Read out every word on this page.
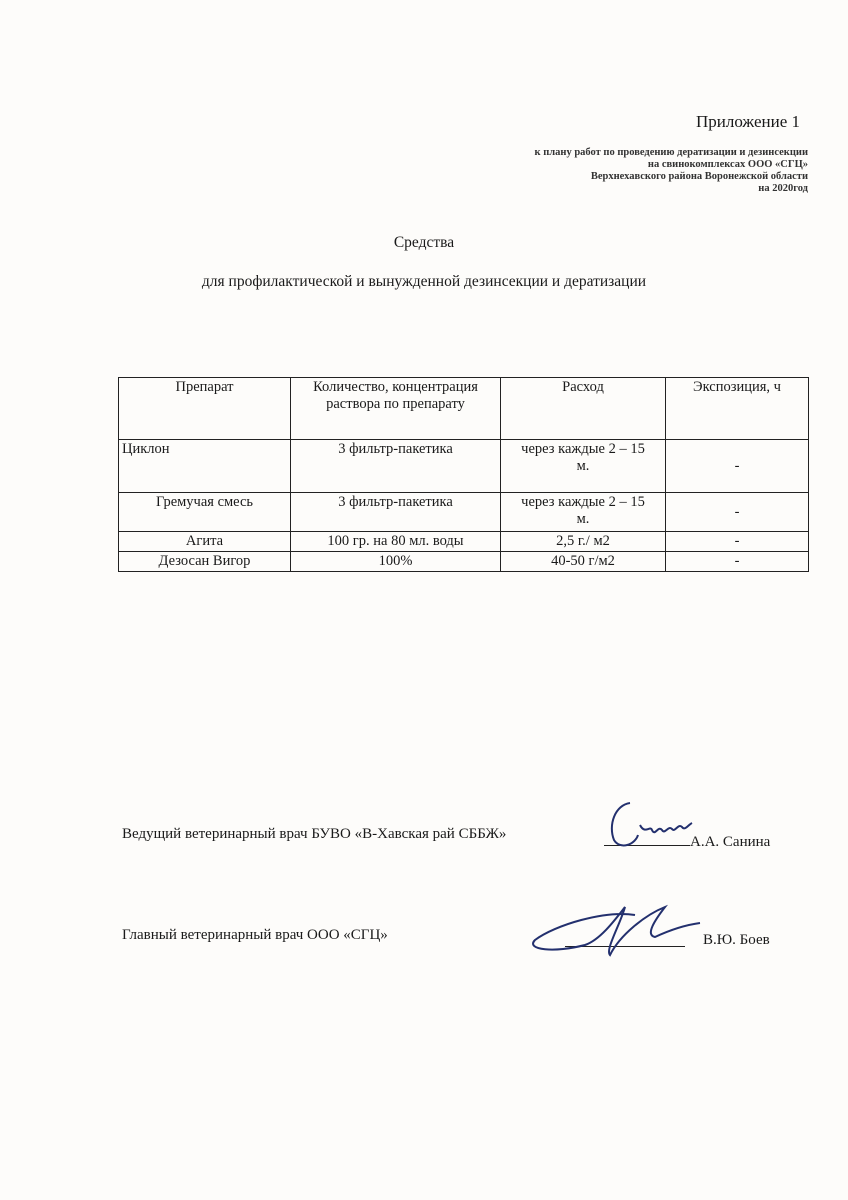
Приложение 1
к плану работ по проведению дератизации и дезинсекции
на свинокомплексах ООО «СГЦ»
Верхнехавского района Воронежской области
на 2020год
Средства
для профилактической и вынужденной дезинсекции и дератизации
Препарат	Количество, концентрация раствора по препарату	Расход	Экспозиция, ч
Циклон	3 фильтр-пакетика	через каждые 2 – 15 м.	-
Гремучая смесь	3 фильтр-пакетика	через каждые 2 – 15 м.	-
Агита	100 гр. на 80 мл. воды	2,5 г./ м2	-
Дезосан Вигор	100%	40-50 г/м2	-
Ведущий ветеринарный врач БУВО «В-Хавская рай СББЖ»	А.А. Санина
Главный ветеринарный врач ООО «СГЦ»	В.Ю. Боев
